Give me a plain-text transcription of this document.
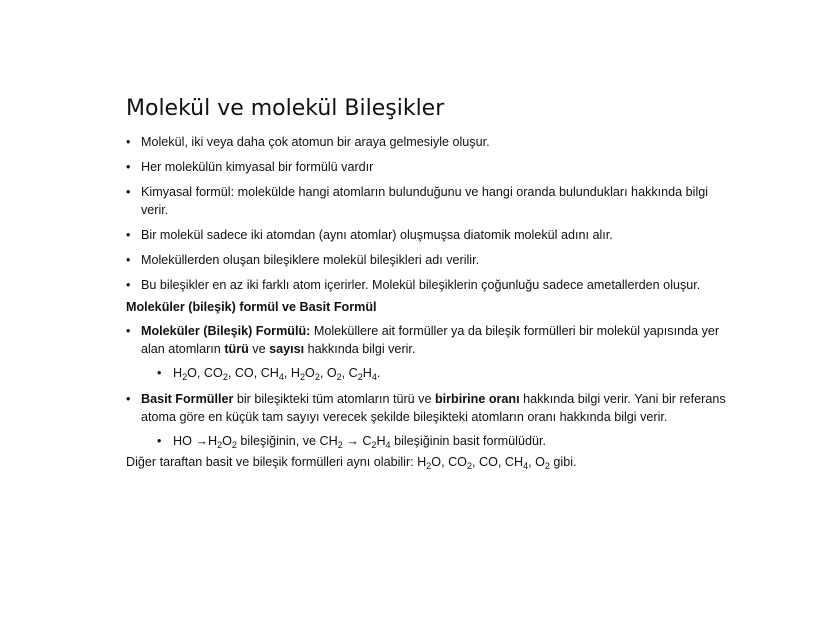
Molekül ve molekül Bileşikler
• Molekül, iki veya daha çok atomun bir araya gelmesiyle oluşur.
• Her molekülün kimyasal bir formülü vardır
• Kimyasal formül: molekülde hangi atomların bulunduğunu ve hangi oranda bulundukları hakkında bilgi verir.
• Bir molekül sadece iki atomdan (aynı atomlar) oluşmuşsa diatomik molekül adını alır.
• Moleküllerden oluşan bileşiklere molekül bileşikleri adı verilir.
• Bu bileşikler en az iki farklı atom içerirler. Molekül bileşiklerin çoğunluğu sadece ametallerden oluşur.
Moleküler (bileşik) formül ve Basit Formül
• Moleküler (Bileşik) Formülü: Moleküllere ait formüller ya da bileşik formülleri bir molekül yapısında yer alan atomların türü ve sayısı hakkında bilgi verir.
• $H_2O$, $CO_2$, CO, $CH_4$, $H_2O_2$, $O_2$, $C_2H_4$.
• Basit Formüller bir bileşikteki tüm atomların türü ve birbirine oranı hakkında bilgi verir. Yani bir referans atoma göre en küçük tam sayıyı verecek şekilde bileşikteki atomların oranı hakkında bilgi verir.
• HO $\to H_2O_2$ bileşiğinin, ve $CH_2 \to C_2H_4$ bileşiğinin basit formülüdür.
Diğer taraftan basit ve bileşik formülleri aynı olabilir: $H_2O$, $CO_2$, CO, $CH_4$, $O_2$ gibi.
